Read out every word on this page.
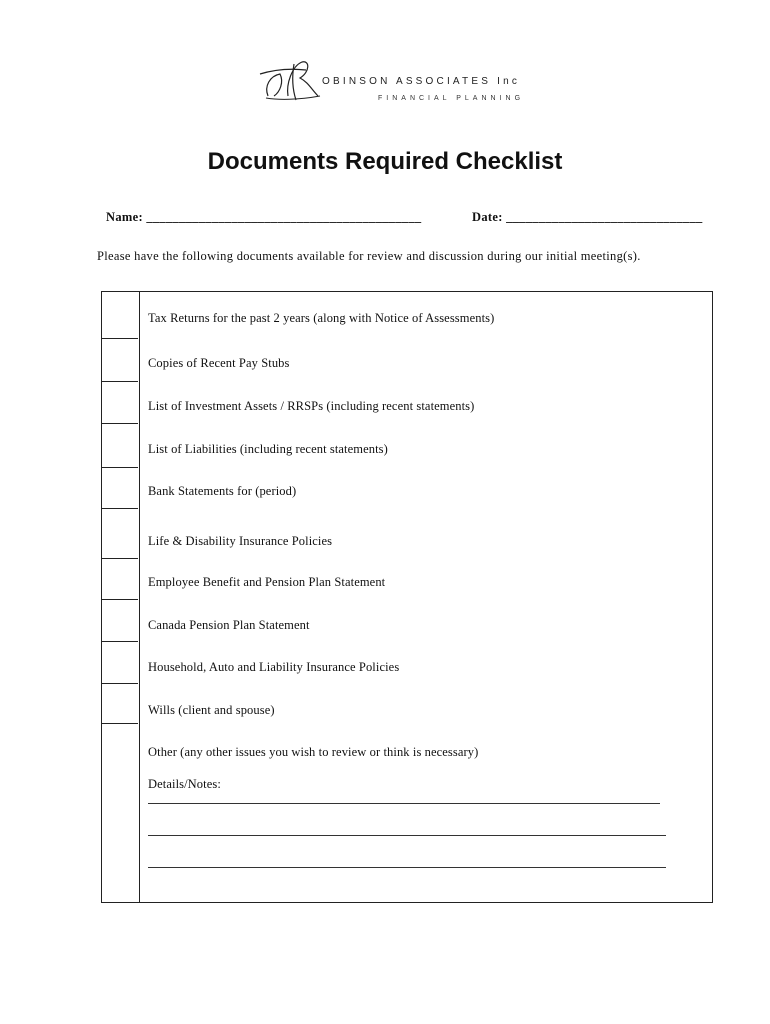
OBINSON ASSOCIATES Inc
FINANCIAL PLANNING
Documents Required Checklist
Name: __________________________________________	Date: ______________________________
Please have the following documents available for review and discussion during our initial meeting(s).
Tax Returns for the past 2 years (along with Notice of Assessments)
Copies of Recent Pay Stubs
List of Investment Assets / RRSPs (including recent statements)
List of Liabilities (including recent statements)
Bank Statements for (period)
Life & Disability Insurance Policies
Employee Benefit and Pension Plan Statement
Canada Pension Plan Statement
Household, Auto and Liability Insurance Policies
Wills (client and spouse)
Other (any other issues you wish to review or think is necessary)
Details/Notes:
